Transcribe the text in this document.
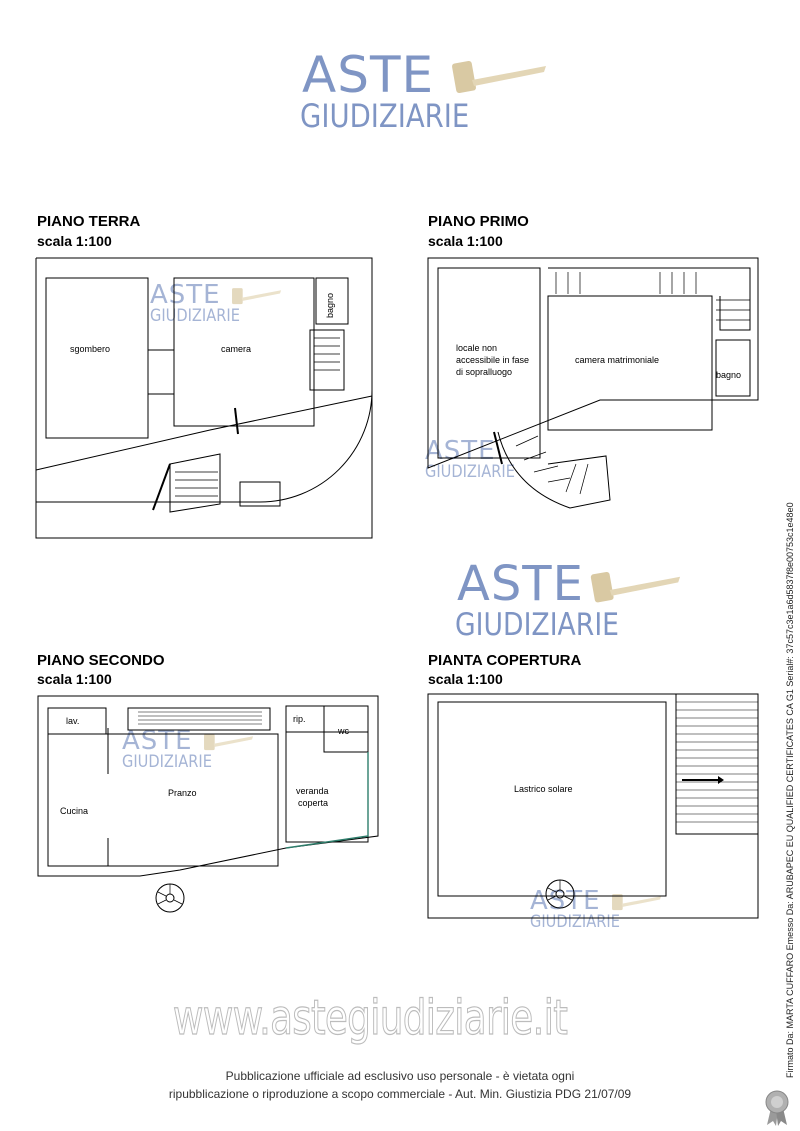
ASTE
GIUDIZIARIE
ASTE
GIUDIZIARIE
ASTE
GIUDIZIARIE
ASTE
GIUDIZIARIE
ASTE
GIUDIZIARIE
ASTE
GIUDIZIARIE
PIANO TERRA
scala 1:100
sgombero	camera
bagno
PIANO PRIMO
scala 1:100
locale non
accessibile in fase
di sopralluogo
camera matrimoniale
bagno
PIANO SECONDO
scala 1:100
lav.	rip.
wc
Cucina
Pranzo	veranda
coperta
PIANTA COPERTURA
scala 1:100
Lastrico solare
www.astegiudiziarie.it
Pubblicazione ufficiale ad esclusivo uso personale - è vietata ogni
ripubblicazione o riproduzione a scopo commerciale - Aut. Min. Giustizia PDG 21/07/09
Firmato Da: MARTA CUFFARO Emesso Da: ARUBAPEC EU QUALIFIED CERTIFICATES CA G1 Serial#: 37c57c3e1a6d5837f8e00753c1e48e0
